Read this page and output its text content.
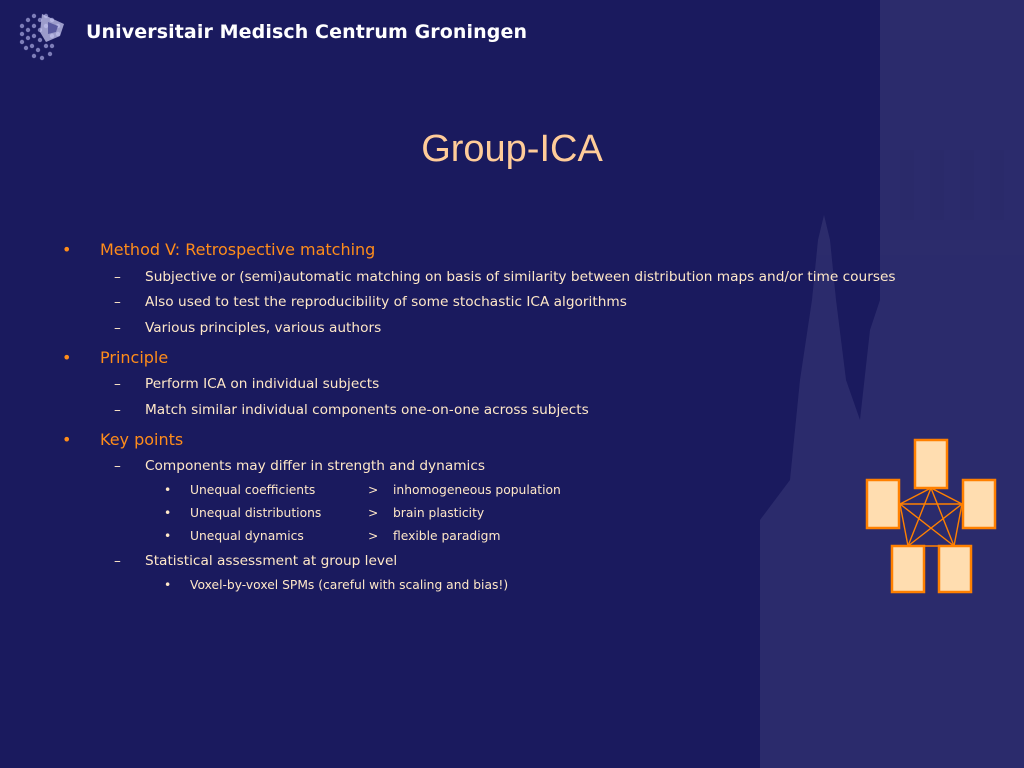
Universitair Medisch Centrum Groningen
Group-ICA
• Method V: Retrospective matching
– Subjective or (semi)automatic matching on basis of similarity between distribution maps and/or time courses
– Also used to test the reproducibility of some stochastic ICA algorithms
– Various principles, various authors
• Principle
– Perform ICA on individual subjects
– Match similar individual components one-on-one across subjects
• Key points
– Components may differ in strength and dynamics
• Unequal coefficients	> inhomogeneous population
• Unequal distributions	> brain plasticity
• Unequal dynamics	> flexible paradigm
– Statistical assessment at group level
• Voxel-by-voxel SPMs (careful with scaling and bias!)
